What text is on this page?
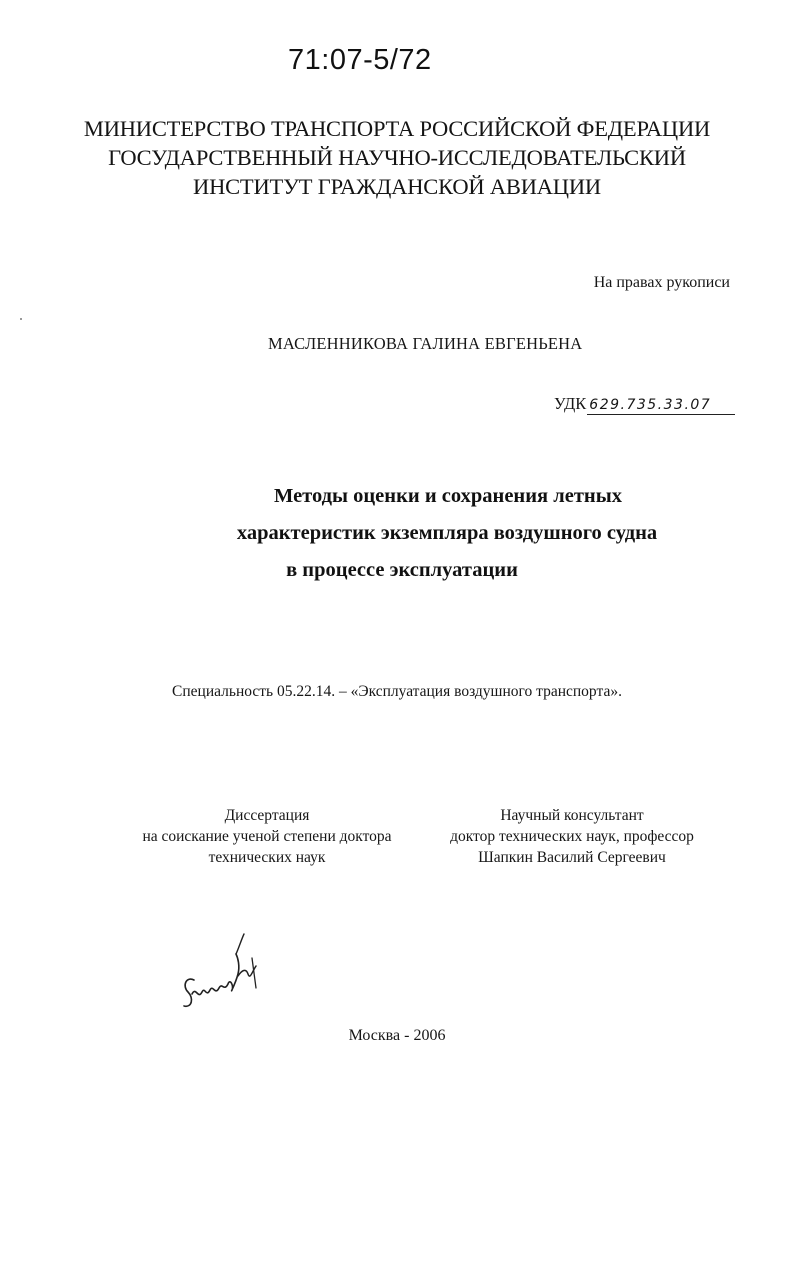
71:07-5/72
МИНИСТЕРСТВО ТРАНСПОРТА РОССИЙСКОЙ ФЕДЕРАЦИИ
ГОСУДАРСТВЕННЫЙ НАУЧНО-ИССЛЕДОВАТЕЛЬСКИЙ
ИНСТИТУТ ГРАЖДАНСКОЙ АВИАЦИИ
На правах рукописи
МАСЛЕННИКОВА ГАЛИНА ЕВГЕНЬЕНА
УДК 629.735.33.07
Методы оценки и сохранения летных
характеристик экземпляра воздушного судна
в процессе эксплуатации
Специальность 05.22.14. – «Эксплуатация воздушного транспорта».
Диссертация
на соискание ученой степени доктора
технических наук
Научный консультант
доктор технических наук, профессор
Шапкин Василий Сергеевич
Москва - 2006
